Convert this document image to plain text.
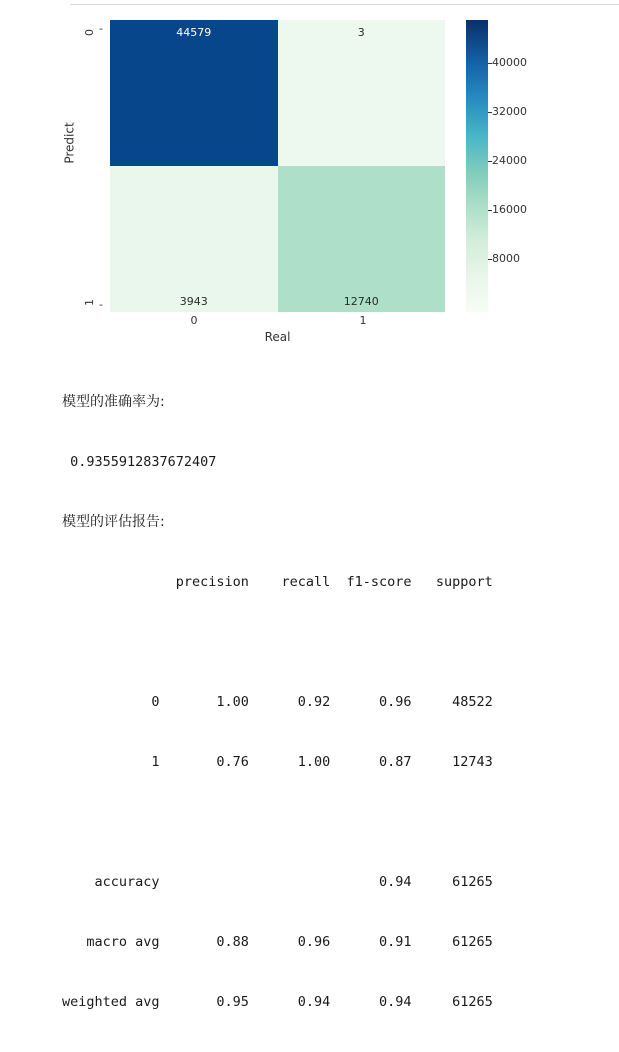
Predict
0
1
-
-
44579	3
3943	12740
0	1
Real
8000
16000
24000
32000
40000

模型的准确率为:

0.9355912837672407

模型的评估报告:

precision    recall  f1-score   support

0       1.00      0.92      0.96     48522

1       0.76      1.00      0.87     12743

accuracy                           0.94     61265

macro avg       0.88      0.96      0.91     61265

weighted avg       0.95      0.94      0.94     61265
